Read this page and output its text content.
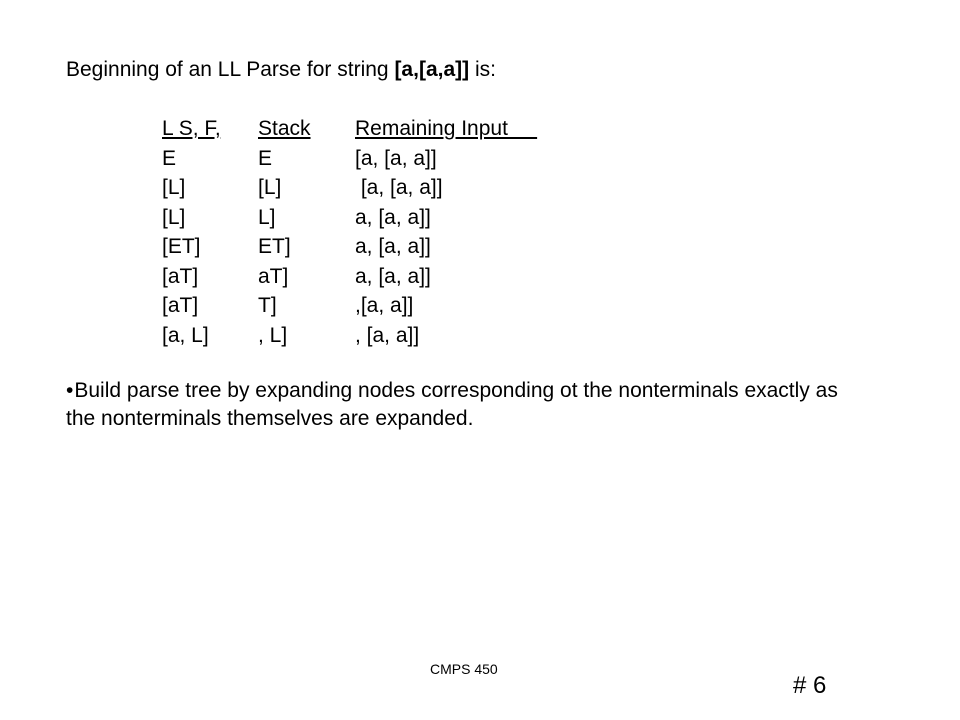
Beginning of an LL Parse for string [a,[a,a]] is:
L S, F,	Stack	Remaining Input
E	E	[a, [a, a]]
[L]	[L]	[a, [a, a]]
[L]	L]	a, [a, a]]
[ET]	ET]	a, [a, a]]
[aT]	aT]	a, [a, a]]
[aT]	T]	,[a, a]]
[a, L]	, L]	, [a, a]]
•Build parse tree by expanding nodes corresponding ot the nonterminals exactly as the nonterminals themselves are expanded.
CMPS 450
# 6
